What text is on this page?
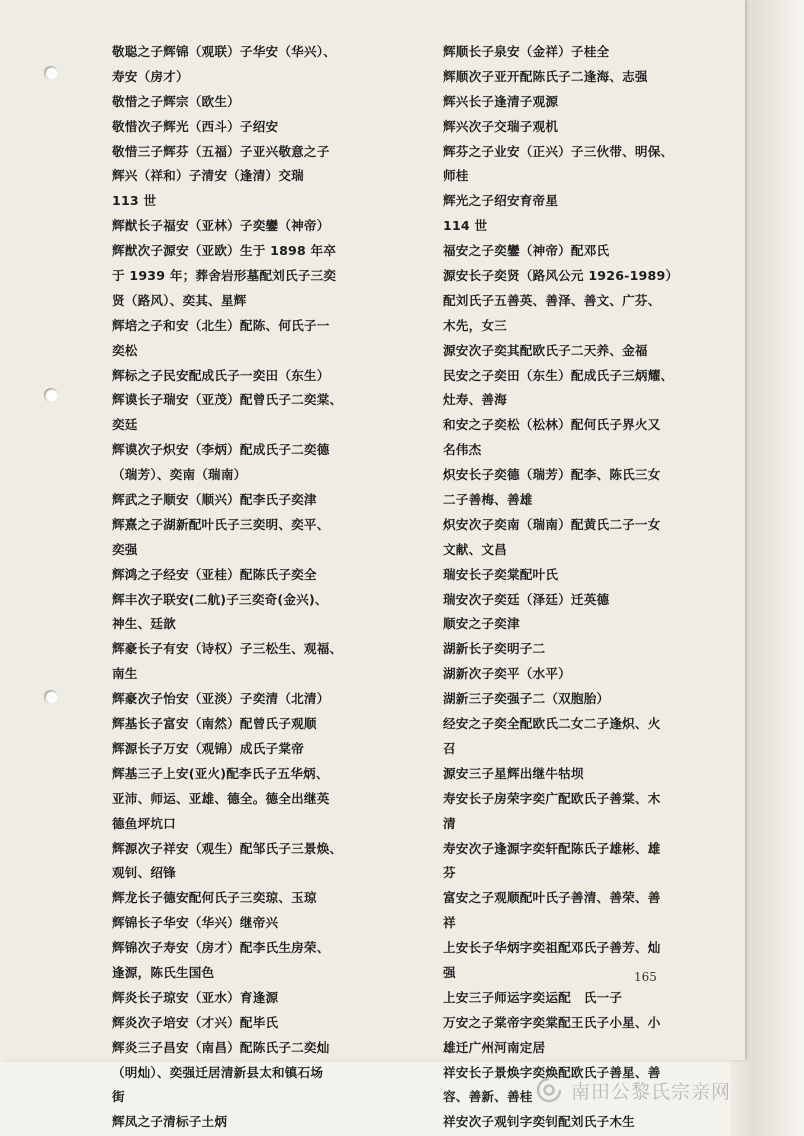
敬聪之子辉锦（观联）子华安（华兴）、
寿安（房才）
敬惜之子辉宗（欧生）
敬惜次子辉光（西斗）子绍安
敬惜三子辉芬（五福）子亚兴敬意之子
辉兴（祥和）子清安（逢清）交瑞
113 世
辉猷长子福安（亚林）子奕鑾（神帝）
辉猷次子源安（亚欧）生于 1898 年卒
于 1939 年；葬舍岩形墓配刘氏子三奕
贤（路风）、奕其、星辉
辉培之子和安（北生）配陈、何氏子一
奕松
辉标之子民安配成氏子一奕田（东生）
辉谟长子瑞安（亚茂）配曾氏子二奕棠、
奕廷
辉谟次子炽安（李炳）配成氏子二奕德
（瑞芳）、奕南（瑞南）
辉武之子顺安（顺兴）配李氏子奕津
辉熹之子湖新配叶氏子三奕明、奕平、
奕强
辉鸿之子经安（亚桂）配陈氏子奕全
辉丰次子联安(二航)子三奕奇(金兴)、
神生、廷歆
辉豪长子有安（诗权）子三松生、观福、
南生
辉豪次子怡安（亚淡）子奕清（北清）
辉基长子富安（南然）配曾氏子观顺
辉源长子万安（观锦）成氏子棠帝
辉基三子上安(亚火)配李氏子五华炳、
亚沛、师运、亚雄、德全。德全出继英
德鱼坪坑口
辉源次子祥安（观生）配邹氏子三景焕、
观钊、绍锋
辉龙长子德安配何氏子三奕琼、玉琼
辉锦长子华安（华兴）继帝兴
辉锦次子寿安（房才）配李氏生房荣、
逢源，陈氏生国色
辉炎长子琼安（亚水）育逢源
辉炎次子培安（才兴）配毕氏
辉炎三子昌安（南昌）配陈氏子二奕灿
（明灿）、奕强迁居清新县太和镇石场
街
辉凤之子清标子土炳
辉顺长子泉安（金祥）子桂全
辉顺次子亚开配陈氏子二逢海、志强
辉兴长子逢清子观源
辉兴次子交瑞子观机
辉芬之子业安（正兴）子三伙带、明保、
师桂
辉光之子绍安育帝星
114 世
福安之子奕鑾（神帝）配邓氏
源安长子奕贤（路风公元 1926-1989）
配刘氏子五善英、善泽、善文、广芬、
木先，女三
源安次子奕其配欧氏子二天养、金福
民安之子奕田（东生）配成氏子三炳耀、
灶寿、善海
和安之子奕松（松林）配何氏子界火又
名伟杰
炽安长子奕德（瑞芳）配李、陈氏三女
二子善梅、善雄
炽安次子奕南（瑞南）配黄氏二子一女
文献、文昌
瑞安长子奕棠配叶氏
瑞安次子奕廷（泽廷）迁英德
顺安之子奕津
湖新长子奕明子二
湖新次子奕平（水平）
湖新三子奕强子二（双胞胎）
经安之子奕全配欧氏二女二子逢炽、火
召
源安三子星辉出继牛牯坝
寿安长子房荣字奕广配欧氏子善棠、木
清
寿安次子逢源字奕轩配陈氏子雄彬、雄
芬
富安之子观顺配叶氏子善清、善荣、善
祥
上安长子华炳字奕祖配邓氏子善芳、灿
强
上安三子师运字奕运配　氏一子
万安之子棠帝字奕棠配王氏子小星、小
雄迁广州河南定居
祥安长子景焕字奕焕配欧氏子善星、善
容、善新、善桂
祥安次子观钊字奕钊配刘氏子木生
165
南田公黎氏宗亲网
